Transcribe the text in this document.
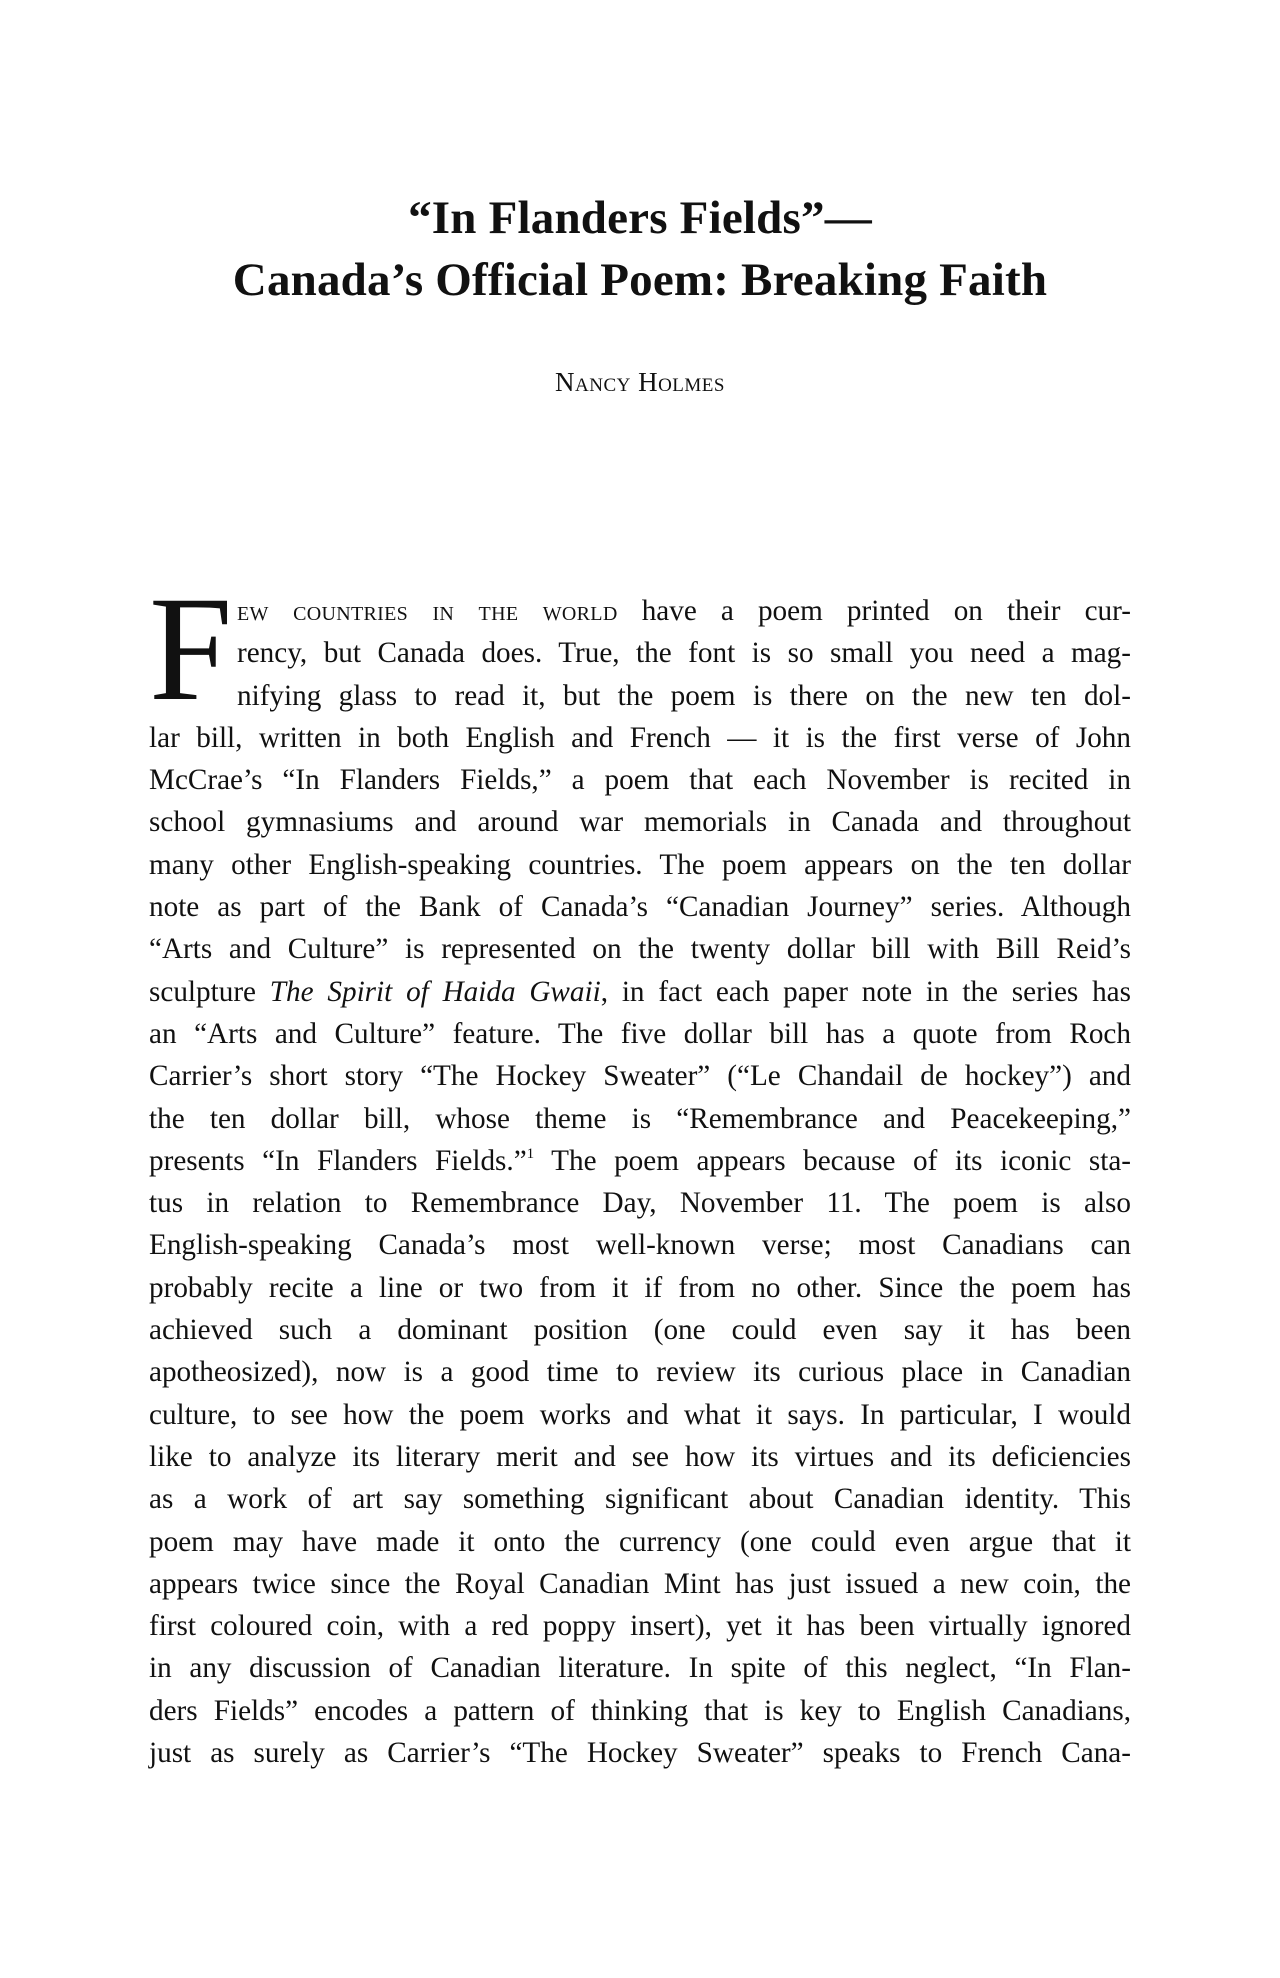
“In Flanders Fields”—
Canada’s Official Poem: Breaking Faith
Nancy Holmes
F ew countries in the world have a poem printed on their cur-
rency, but Canada does. True, the font is so small you need a mag-
nifying glass to read it, but the poem is there on the new ten dol-
lar bill, written in both English and French — it is the first verse of John
McCrae’s “In Flanders Fields,” a poem that each November is recited in
school gymnasiums and around war memorials in Canada and throughout
many other English-speaking countries. The poem appears on the ten dollar
note as part of the Bank of Canada’s “Canadian Journey” series. Although
“Arts and Culture” is represented on the twenty dollar bill with Bill Reid’s
sculpture The Spirit of Haida Gwaii, in fact each paper note in the series has
an “Arts and Culture” feature. The five dollar bill has a quote from Roch
Carrier’s short story “The Hockey Sweater” (“Le Chandail de hockey”) and
the ten dollar bill, whose theme is “Remembrance and Peacekeeping,”
presents “In Flanders Fields.”$^1$ The poem appears because of its iconic sta-
tus in relation to Remembrance Day, November 11. The poem is also
English-speaking Canada’s most well-known verse; most Canadians can
probably recite a line or two from it if from no other. Since the poem has
achieved such a dominant position (one could even say it has been
apotheosized), now is a good time to review its curious place in Canadian
culture, to see how the poem works and what it says. In particular, I would
like to analyze its literary merit and see how its virtues and its deficiencies
as a work of art say something significant about Canadian identity. This
poem may have made it onto the currency (one could even argue that it
appears twice since the Royal Canadian Mint has just issued a new coin, the
first coloured coin, with a red poppy insert), yet it has been virtually ignored
in any discussion of Canadian literature. In spite of this neglect, “In Flan-
ders Fields” encodes a pattern of thinking that is key to English Canadians,
just as surely as Carrier’s “The Hockey Sweater” speaks to French Cana-
